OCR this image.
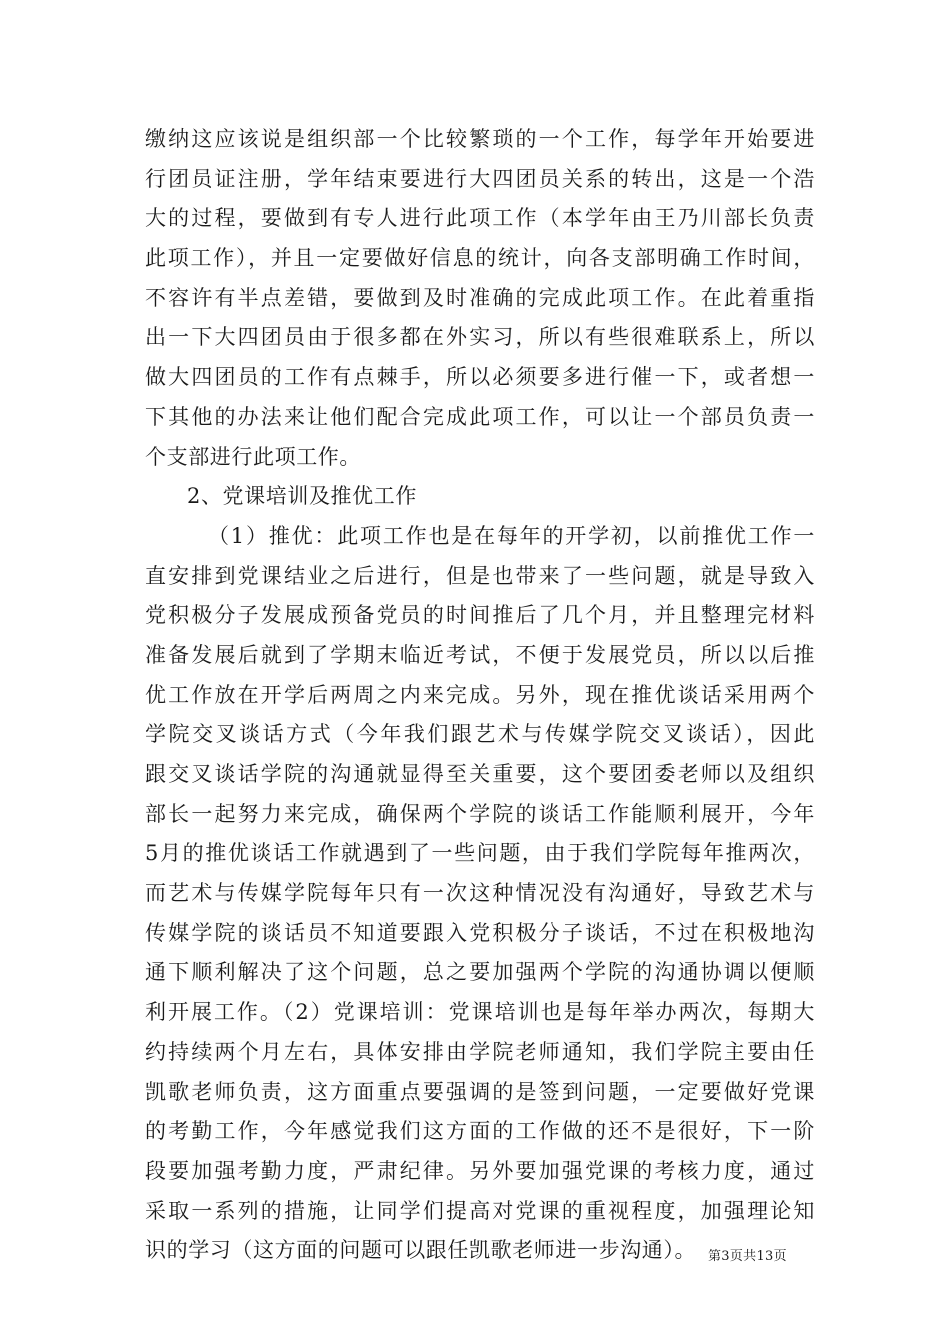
缴纳这应该说是组织部一个比较繁琐的一个工作，每学年开始要进
行团员证注册，学年结束要进行大四团员关系的转出，这是一个浩
大的过程，要做到有专人进行此项工作（本学年由王乃川部长负责
此项工作），并且一定要做好信息的统计，向各支部明确工作时间，
不容许有半点差错，要做到及时准确的完成此项工作。在此着重指
出一下大四团员由于很多都在外实习，所以有些很难联系上，所以
做大四团员的工作有点棘手，所以必须要多进行催一下，或者想一
下其他的办法来让他们配合完成此项工作，可以让一个部员负责一
个支部进行此项工作。
2、党课培训及推优工作
（1）推优：此项工作也是在每年的开学初，以前推优工作一
直安排到党课结业之后进行，但是也带来了一些问题，就是导致入
党积极分子发展成预备党员的时间推后了几个月，并且整理完材料
准备发展后就到了学期末临近考试，不便于发展党员，所以以后推
优工作放在开学后两周之内来完成。另外，现在推优谈话采用两个
学院交叉谈话方式（今年我们跟艺术与传媒学院交叉谈话），因此
跟交叉谈话学院的沟通就显得至关重要，这个要团委老师以及组织
部长一起努力来完成，确保两个学院的谈话工作能顺利展开，今年
5月的推优谈话工作就遇到了一些问题，由于我们学院每年推两次，
而艺术与传媒学院每年只有一次这种情况没有沟通好，导致艺术与
传媒学院的谈话员不知道要跟入党积极分子谈话，不过在积极地沟
通下顺利解决了这个问题，总之要加强两个学院的沟通协调以便顺
利开展工作。（2）党课培训：党课培训也是每年举办两次，每期大
约持续两个月左右，具体安排由学院老师通知，我们学院主要由任
凯歌老师负责，这方面重点要强调的是签到问题，一定要做好党课
的考勤工作，今年感觉我们这方面的工作做的还不是很好，下一阶
段要加强考勤力度，严肃纪律。另外要加强党课的考核力度，通过
采取一系列的措施，让同学们提高对党课的重视程度，加强理论知
识的学习（这方面的问题可以跟任凯歌老师进一步沟通）。 第3页共13页
